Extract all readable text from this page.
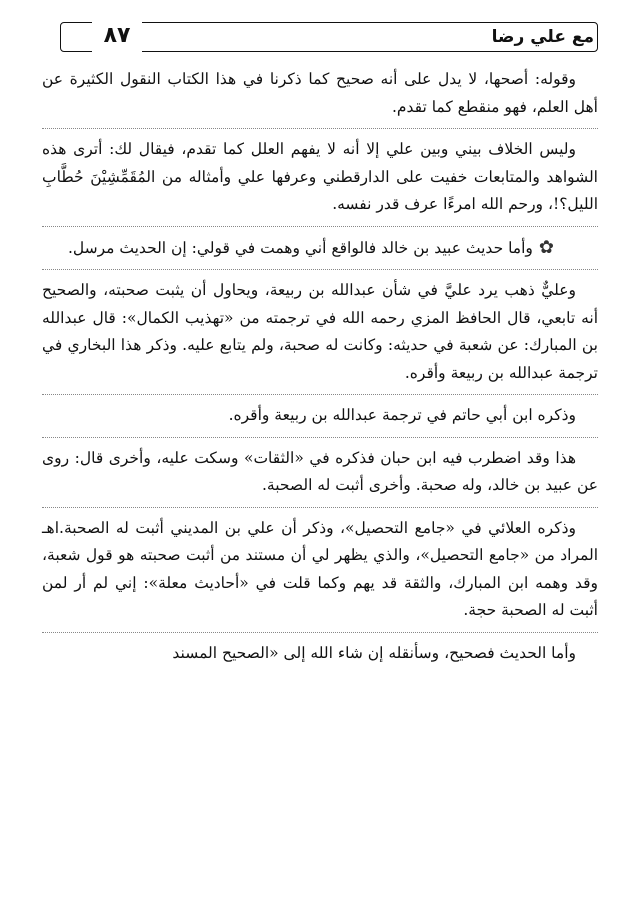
٨٧	مع علي رضا

وقوله: أصحها، لا يدل على أنه صحيح كما ذكرنا في هذا الكتاب النقول الكثيرة عن أهل العلم، فهو منقطع كما تقدم.

وليس الخلاف بيني وبين علي إلا أنه لا يفهم العلل كما تقدم، فيقال لك: أترى هذه الشواهد والمتابعات خفيت على الدارقطني وعرفها علي وأمثاله من المُقَمِّشِيْنَ حُطَّابِ الليل؟!، ورحم الله امرءًا عرف قدر نفسه.

✿وأما حديث عبيد بن خالد فالواقع أني وهمت في قولي: إن الحديث مرسل.

وعليٌّ ذهب يرد عليَّ في شأن عبدالله بن ربيعة، ويحاول أن يثبت صحبته، والصحيح أنه تابعي، قال الحافظ المزي رحمه الله في ترجمته من «تهذيب الكمال»: قال عبدالله بن المبارك: عن شعبة في حديثه: وكانت له صحبة، ولم يتابع عليه. وذكر هذا البخاري في ترجمة عبدالله بن ربيعة وأقره.

وذكره ابن أبي حاتم في ترجمة عبدالله بن ربيعة وأقره.

هذا وقد اضطرب فيه ابن حبان فذكره في «الثقات» وسكت عليه، وأخرى قال: روى عن عبيد بن خالد، وله صحبة. وأخرى أثبت له الصحبة.

وذكره العلائي في «جامع التحصيل»، وذكر أن علي بن المديني أثبت له الصحبة.اهـ المراد من «جامع التحصيل»، والذي يظهر لي أن مستند من أثبت صحبته هو قول شعبة، وقد وهمه ابن المبارك، والثقة قد يهم وكما قلت في «أحاديث معلة»: إني لم أر لمن أثبت له الصحبة حجة.

وأما الحديث فصحيح، وسأنقله إن شاء الله إلى «الصحيح المسند
